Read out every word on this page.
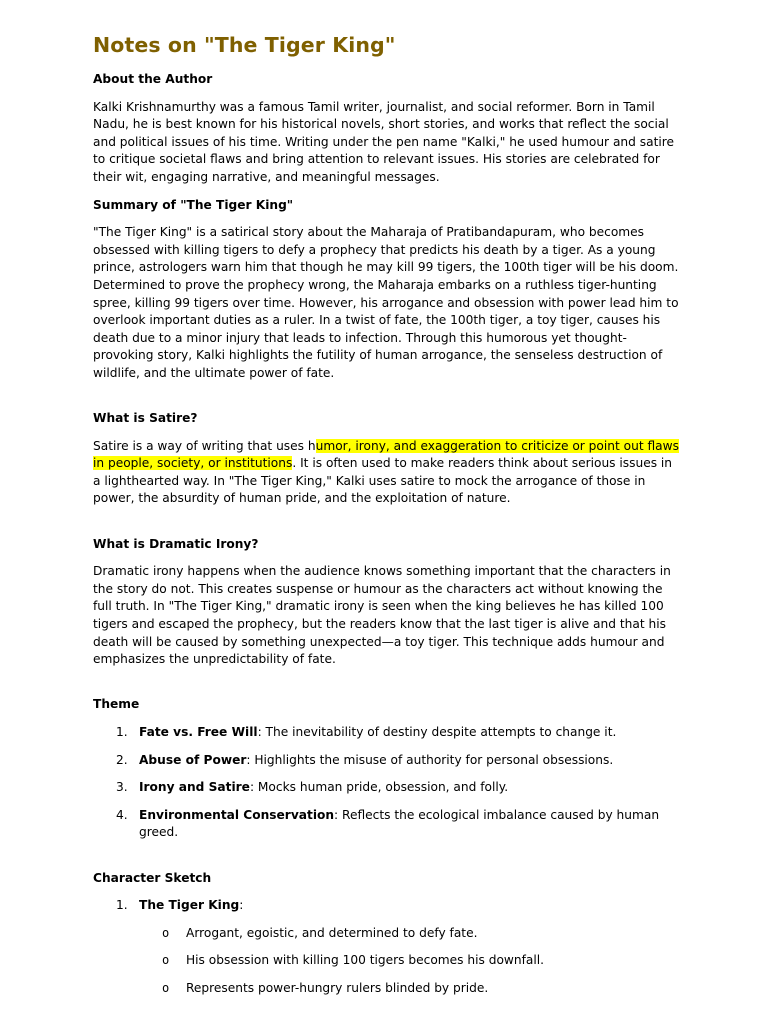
Notes on "The Tiger King"
About the Author
Kalki Krishnamurthy was a famous Tamil writer, journalist, and social reformer. Born in Tamil Nadu, he is best known for his historical novels, short stories, and works that reflect the social and political issues of his time. Writing under the pen name "Kalki," he used humour and satire to critique societal flaws and bring attention to relevant issues. His stories are celebrated for their wit, engaging narrative, and meaningful messages.
Summary of "The Tiger King"
"The Tiger King" is a satirical story about the Maharaja of Pratibandapuram, who becomes obsessed with killing tigers to defy a prophecy that predicts his death by a tiger. As a young prince, astrologers warn him that though he may kill 99 tigers, the 100th tiger will be his doom. Determined to prove the prophecy wrong, the Maharaja embarks on a ruthless tiger-hunting spree, killing 99 tigers over time. However, his arrogance and obsession with power lead him to overlook important duties as a ruler. In a twist of fate, the 100th tiger, a toy tiger, causes his death due to a minor injury that leads to infection. Through this humorous yet thought-provoking story, Kalki highlights the futility of human arrogance, the senseless destruction of wildlife, and the ultimate power of fate.
What is Satire?
Satire is a way of writing that uses humor, irony, and exaggeration to criticize or point out flaws in people, society, or institutions. It is often used to make readers think about serious issues in a lighthearted way. In "The Tiger King," Kalki uses satire to mock the arrogance of those in power, the absurdity of human pride, and the exploitation of nature.
What is Dramatic Irony?
Dramatic irony happens when the audience knows something important that the characters in the story do not. This creates suspense or humour as the characters act without knowing the full truth. In "The Tiger King," dramatic irony is seen when the king believes he has killed 100 tigers and escaped the prophecy, but the readers know that the last tiger is alive and that his death will be caused by something unexpected—a toy tiger. This technique adds humour and emphasizes the unpredictability of fate.
Theme
1. Fate vs. Free Will: The inevitability of destiny despite attempts to change it.
2. Abuse of Power: Highlights the misuse of authority for personal obsessions.
3. Irony and Satire: Mocks human pride, obsession, and folly.
4. Environmental Conservation: Reflects the ecological imbalance caused by human greed.
Character Sketch
1. The Tiger King:
o Arrogant, egoistic, and determined to defy fate.
o His obsession with killing 100 tigers becomes his downfall.
o Represents power-hungry rulers blinded by pride.
